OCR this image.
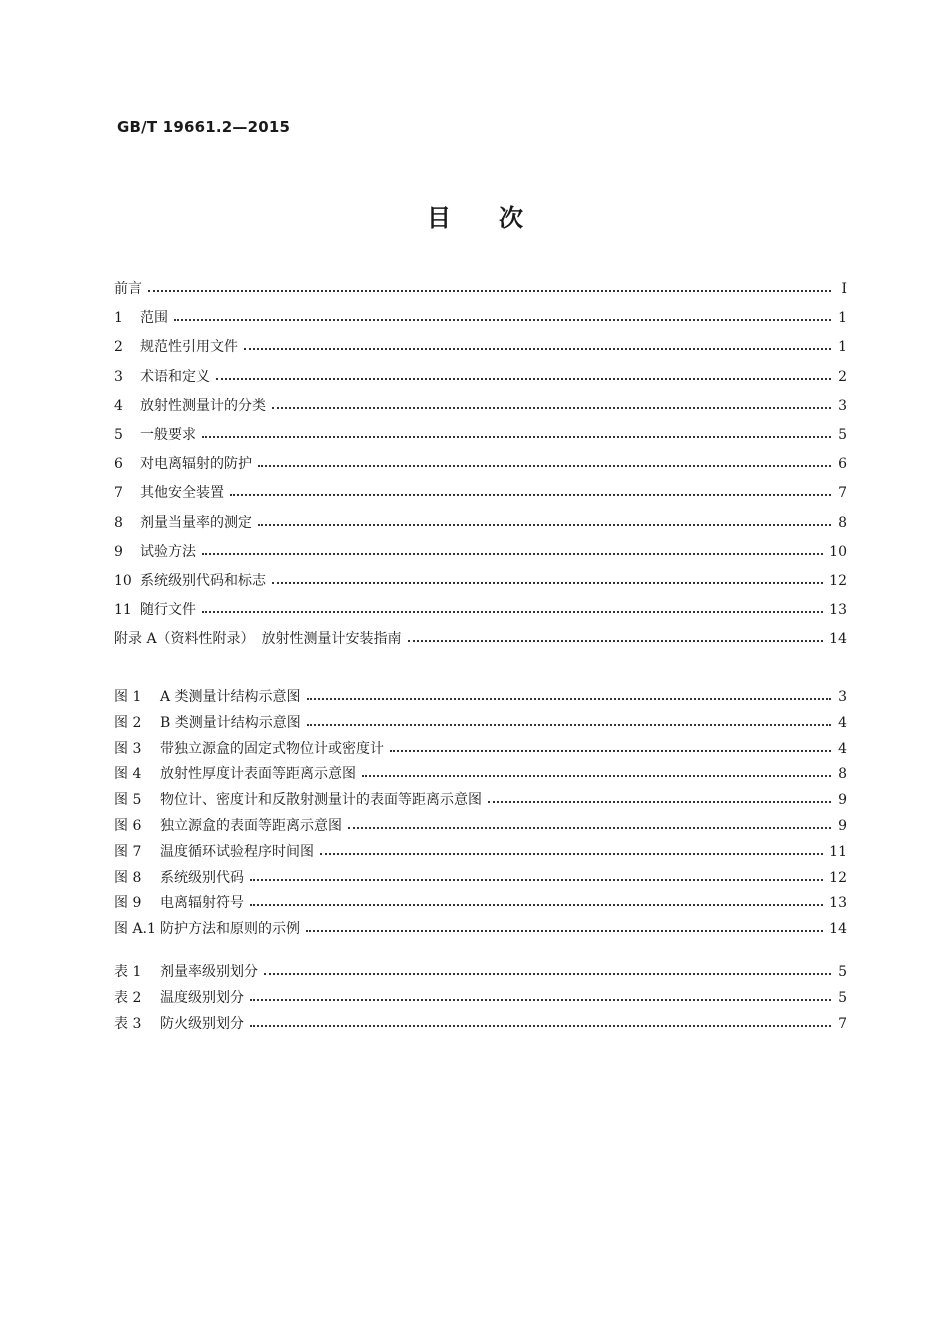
GB/T 19661.2—2015
目　　次
前言	Ⅰ
1 范围	1
2 规范性引用文件	1
3 术语和定义	2
4 放射性测量计的分类	3
5 一般要求	5
6 对电离辐射的防护	6
7 其他安全装置	7
8 剂量当量率的测定	8
9 试验方法	10
10 系统级别代码和标志	12
11 随行文件	13
附录 A（资料性附录）　放射性测量计安装指南	14
图 1 A 类测量计结构示意图	3
图 2 B 类测量计结构示意图	4
图 3 带独立源盒的固定式物位计或密度计	4
图 4 放射性厚度计表面等距离示意图	8
图 5 物位计、密度计和反散射测量计的表面等距离示意图	9
图 6 独立源盒的表面等距离示意图	9
图 7 温度循环试验程序时间图	11
图 8 系统级别代码	12
图 9 电离辐射符号	13
图 A.1 防护方法和原则的示例	14
表 1 剂量率级别划分	5
表 2 温度级别划分	5
表 3 防火级别划分	7
